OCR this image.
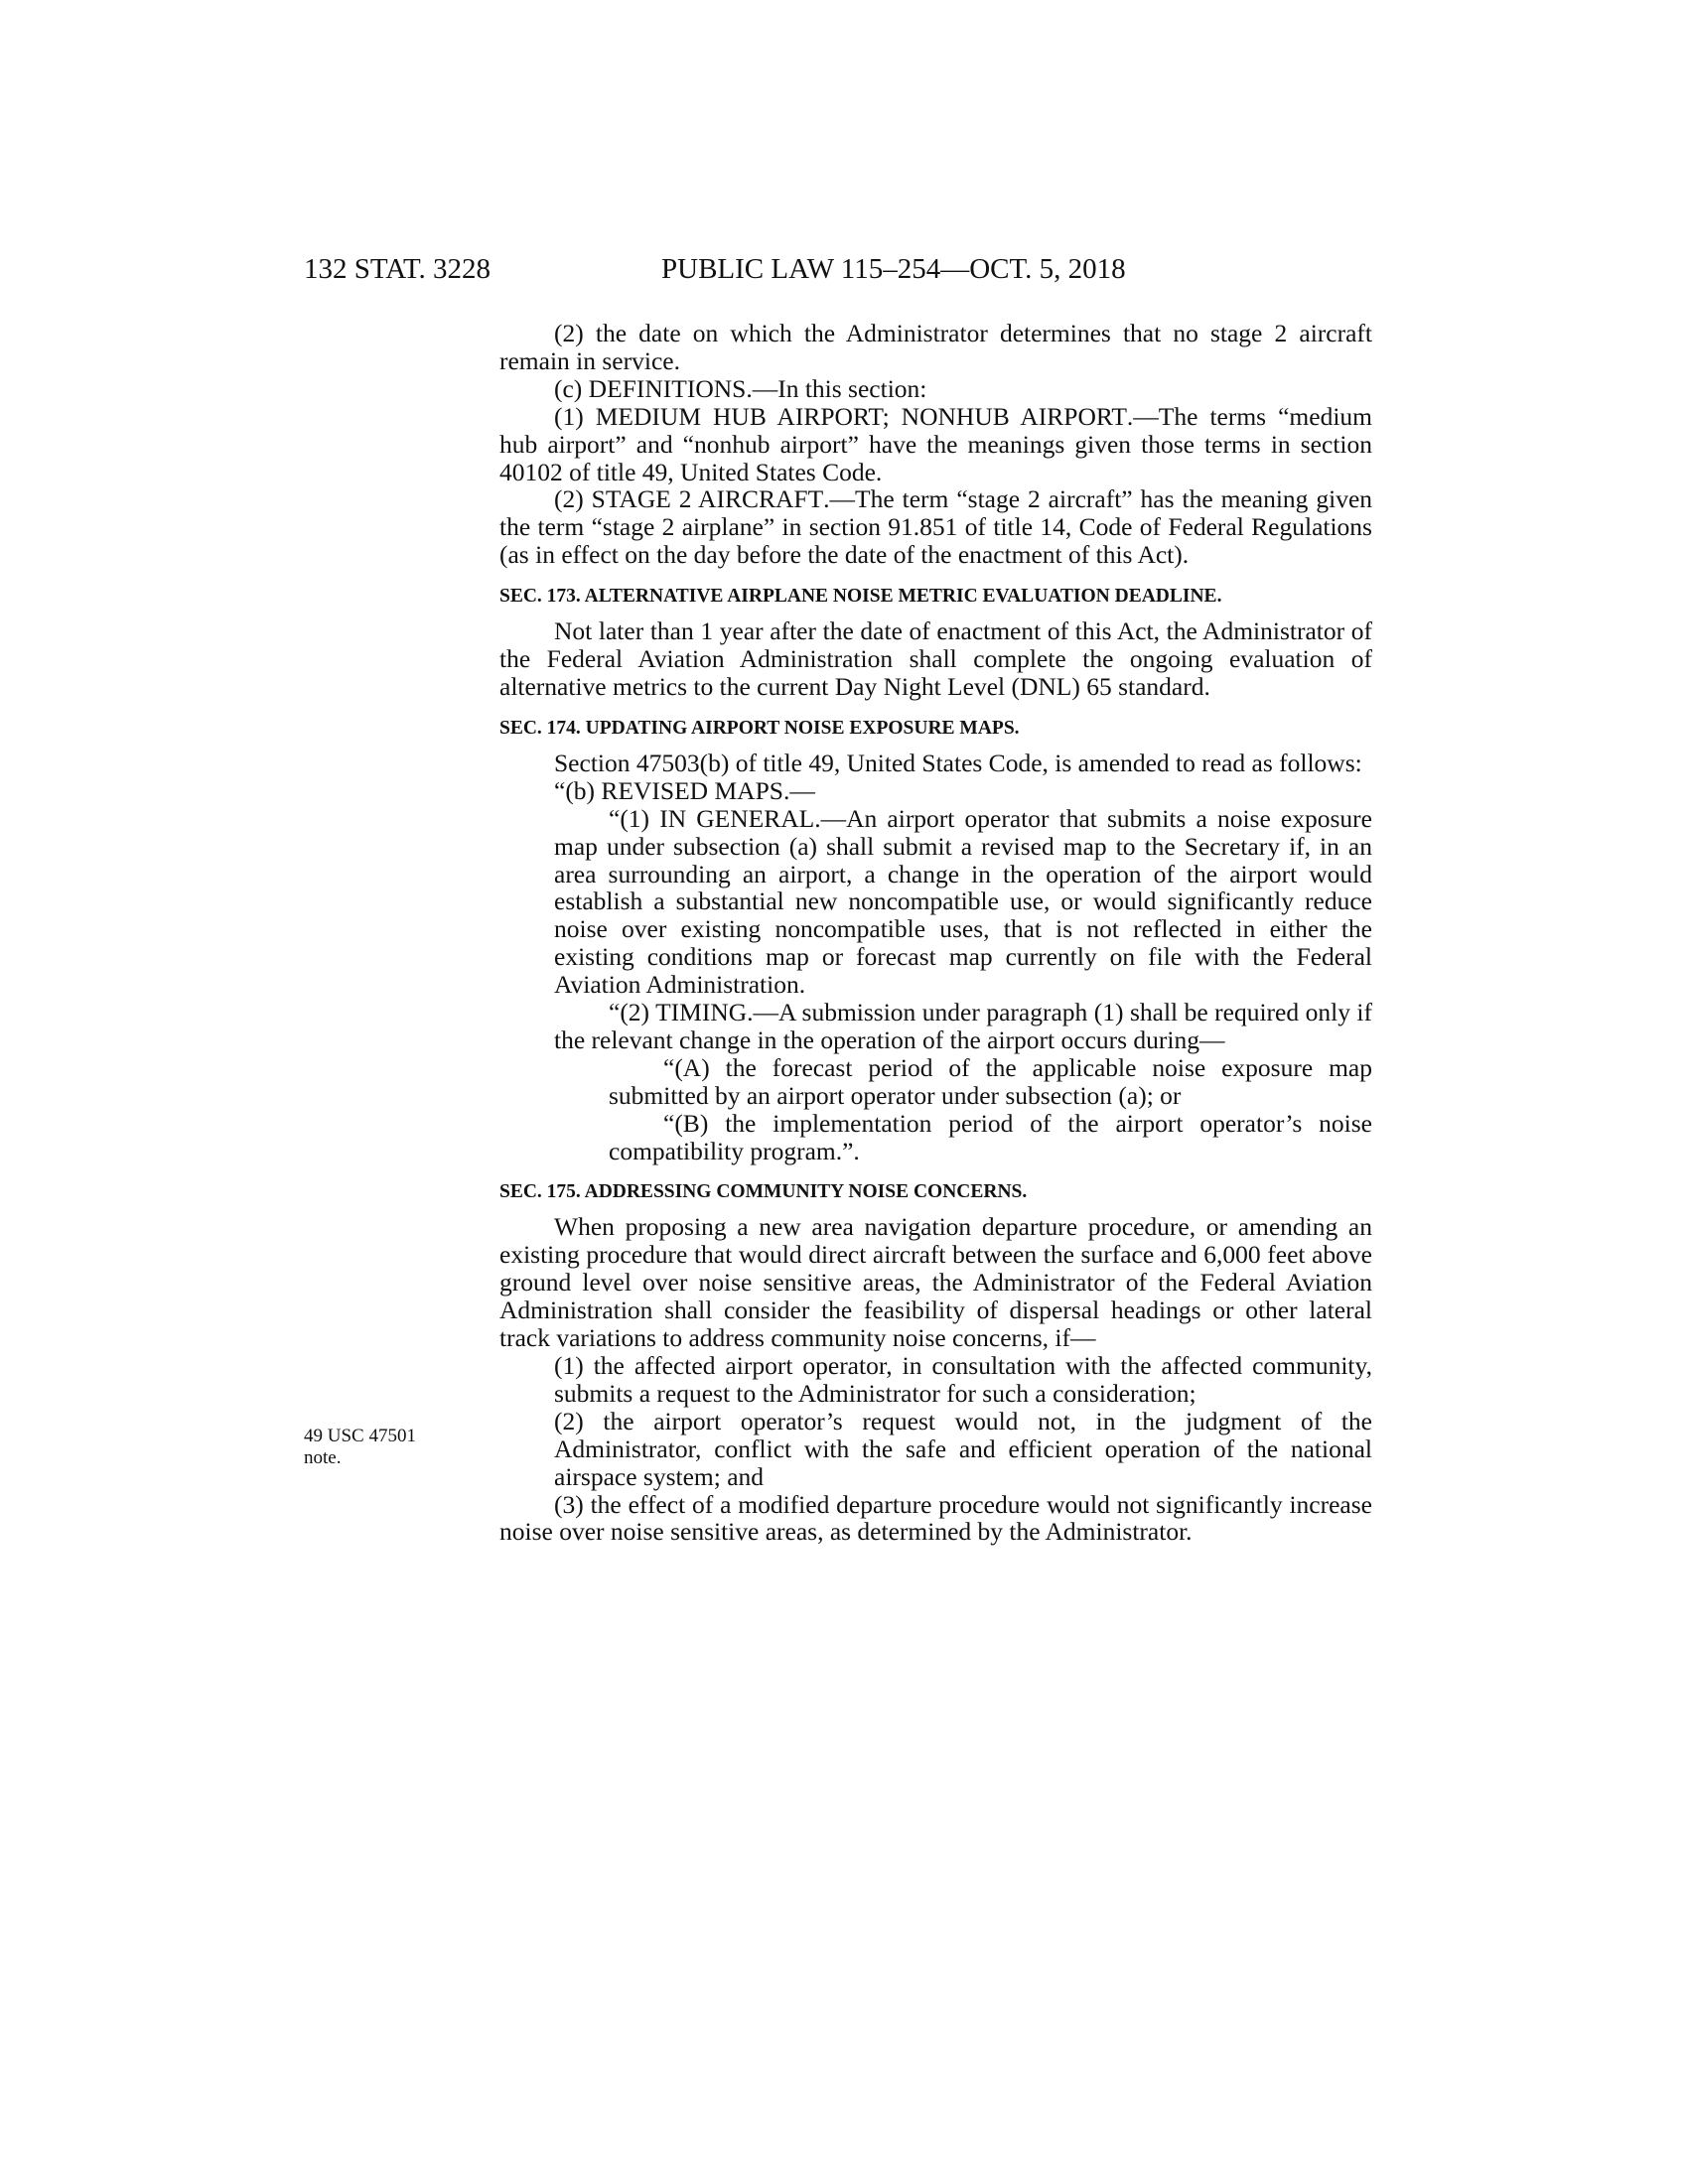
132 STAT. 3228	PUBLIC LAW 115–254—OCT. 5, 2018
49 USC 47501
note.

(2) the date on which the Administrator determines that no stage 2 aircraft remain in service.

(c) DEFINITIONS.—In this section:

(1) MEDIUM HUB AIRPORT; NONHUB AIRPORT.—The terms “medium hub airport” and “nonhub airport” have the meanings given those terms in section 40102 of title 49, United States Code.

(2) STAGE 2 AIRCRAFT.—The term “stage 2 aircraft” has the meaning given the term “stage 2 airplane” in section 91.851 of title 14, Code of Federal Regulations (as in effect on the day before the date of the enactment of this Act).

SEC. 173. ALTERNATIVE AIRPLANE NOISE METRIC EVALUATION DEADLINE.

Not later than 1 year after the date of enactment of this Act, the Administrator of the Federal Aviation Administration shall complete the ongoing evaluation of alternative metrics to the current Day Night Level (DNL) 65 standard.

SEC. 174. UPDATING AIRPORT NOISE EXPOSURE MAPS.

Section 47503(b) of title 49, United States Code, is amended to read as follows:

“(b) REVISED MAPS.—

“(1) IN GENERAL.—An airport operator that submits a noise exposure map under subsection (a) shall submit a revised map to the Secretary if, in an area surrounding an airport, a change in the operation of the airport would establish a substantial new noncompatible use, or would significantly reduce noise over existing noncompatible uses, that is not reflected in either the existing conditions map or forecast map currently on file with the Federal Aviation Administration.

“(2) TIMING.—A submission under paragraph (1) shall be required only if the relevant change in the operation of the airport occurs during—

“(A) the forecast period of the applicable noise exposure map submitted by an airport operator under subsection (a); or

“(B) the implementation period of the airport operator’s noise compatibility program.”.

SEC. 175. ADDRESSING COMMUNITY NOISE CONCERNS.

When proposing a new area navigation departure procedure, or amending an existing procedure that would direct aircraft between the surface and 6,000 feet above ground level over noise sensitive areas, the Administrator of the Federal Aviation Administration shall consider the feasibility of dispersal headings or other lateral track variations to address community noise concerns, if—

(1) the affected airport operator, in consultation with the affected community, submits a request to the Administrator for such a consideration;

(2) the airport operator’s request would not, in the judgment of the Administrator, conflict with the safe and efficient operation of the national airspace system; and

(3) the effect of a modified departure procedure would not significantly increase noise over noise sensitive areas, as determined by the Administrator.
